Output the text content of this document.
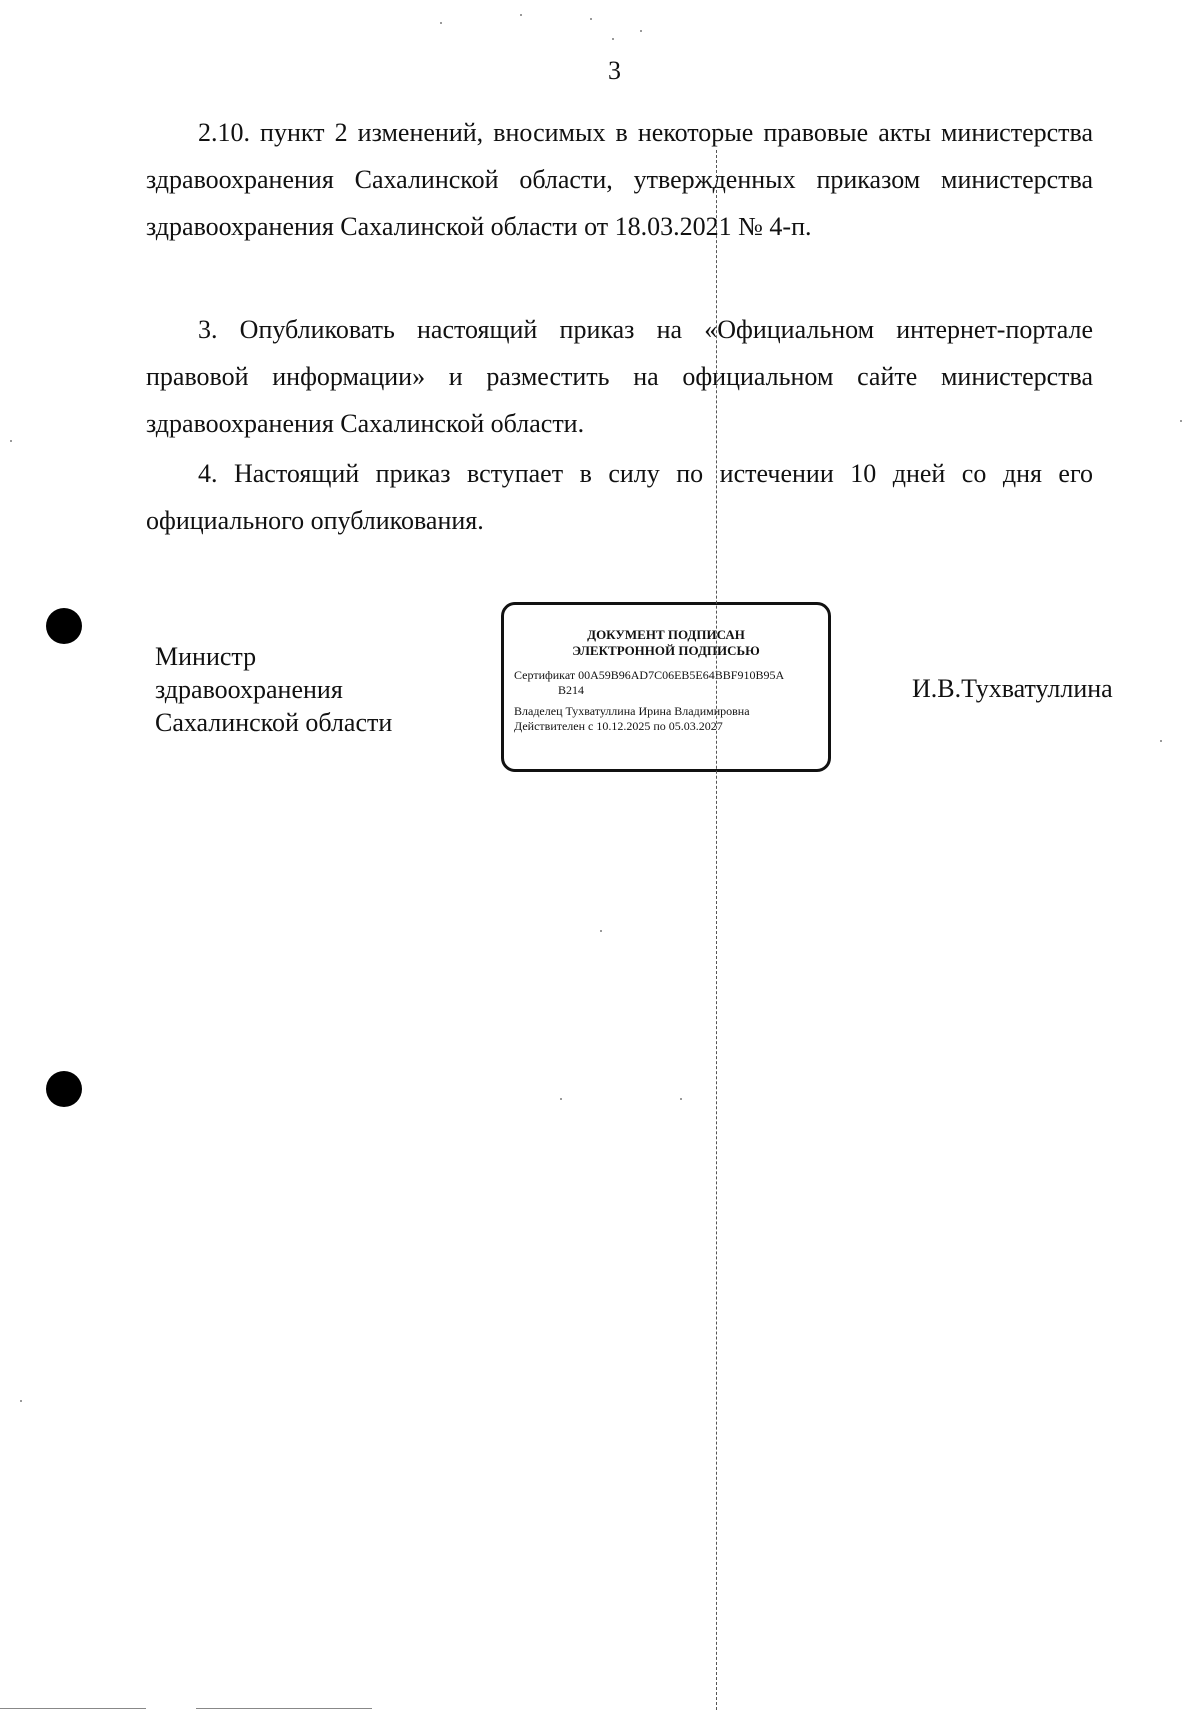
3

2.10. пункт 2 изменений, вносимых в некоторые правовые акты министерства здравоохранения Сахалинской области, утвержденных приказом министерства здравоохранения Сахалинской области от 18.03.2021 № 4-п.

3. Опубликовать настоящий приказ на «Официальном интернет-портале правовой информации» и разместить на официальном сайте министерства здравоохранения Сахалинской области.

4. Настоящий приказ вступает в силу по истечении 10 дней со дня его официального опубликования.

Министр
здравоохранения
Сахалинской области
ДОКУМЕНТ ПОДПИСАН
ЭЛЕКТРОННОЙ ПОДПИСЬЮ
Сертификат 00A59B96AD7C06EB5E64BBF910B95A
B214
Владелец Тухватуллина Ирина Владимировна
Действителен с 10.12.2025 по 05.03.2027
И.В.Тухватуллина
